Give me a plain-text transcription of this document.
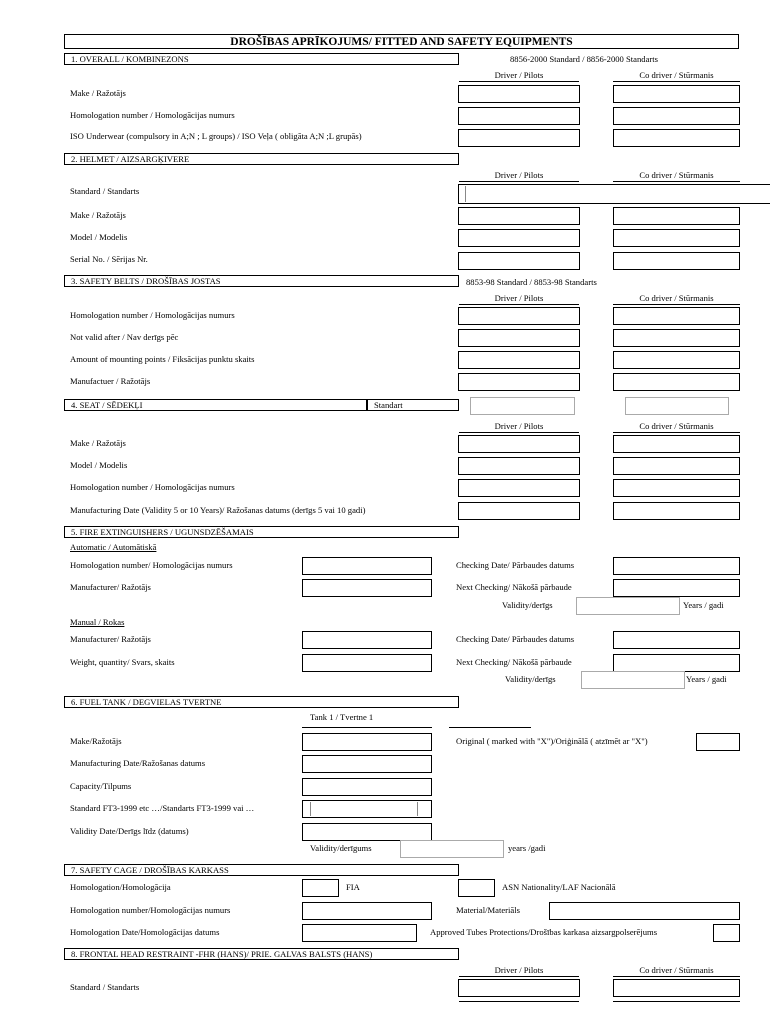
DROŠĪBAS APRĪKOJUMS/ FITTED AND SAFETY EQUIPMENTS
1. OVERALL / KOMBINEZONS	8856-2000 Standard / 8856-2000 Standarts
Driver / Pilots	Co driver / Stūrmanis
Make / Ražotājs
Homologation number / Homologācijas numurs
ISO Underwear (compulsory in A;N ; L groups) / ISO Veļa ( obligāta A;N ;L grupās)
2. HELMET / AIZSARGĶIVERE
Driver / Pilots	Co driver / Stūrmanis
Standard / Standarts
Make / Ražotājs
Model / Modelis
Serial No. / Sērijas Nr.
3. SAFETY BELTS / DROŠĪBAS JOSTAS	8853-98 Standard / 8853-98 Standarts
Driver / Pilots	Co driver / Stūrmanis
Homologation number / Homologācijas numurs
Not valid after / Nav derīgs pēc
Amount of mounting points / Fiksācijas punktu skaits
Manufactuer / Ražotājs
4. SEAT / SĒDEKĻI	Standart
Driver / Pilots	Co driver / Stūrmanis
Make / Ražotājs
Model / Modelis
Homologation number / Homologācijas numurs
Manufacturing Date (Validity 5 or 10 Years)/ Ražošanas datums (derīgs 5 vai 10 gadi)
5. FIRE EXTINGUISHERS / UGUNSDZĒŠAMAIS
Automatic / Automātiskā
Homologation number/ Homologācijas numurs	Checking Date/ Pārbaudes datums
Manufacturer/ Ražotājs	Next Checking/ Nākošā pārbaude
Validity/derīgs	Years / gadi
Manual / Rokas
Manufacturer/ Ražotājs	Checking Date/ Pārbaudes datums
Weight, quantity/ Svars, skaits	Next Checking/ Nākošā pārbaude
Validity/derīgs	Years / gadi
6. FUEL TANK / DEGVIELAS TVERTNE
Tank 1 / Tvertne 1
Make/Ražotājs	Original ( marked with "X")/Oriģinālā ( atzīmēt ar "X")
Manufacturing Date/Ražošanas datums
Capacity/Tilpums
Standard FT3-1999 etc …/Standarts FT3-1999 vai …
Validity Date/Derīgs līdz (datums)
Validity/derīgums	years /gadi
7. SAFETY CAGE / DROŠĪBAS KARKASS
Homologation/Homologācija	FIA	ASN Nationality/LAF Nacionālā
Homologation number/Homologācijas numurs	Material/Materiāls
Homologation Date/Homologācijas datums	Approved Tubes Protections/Drošības karkasa aizsargpolserējums
8. FRONTAL HEAD RESTRAINT -FHR (HANS)/ PRIE. GALVAS BALSTS (HANS)
Driver / Pilots	Co driver / Stūrmanis
Standard / Standarts
